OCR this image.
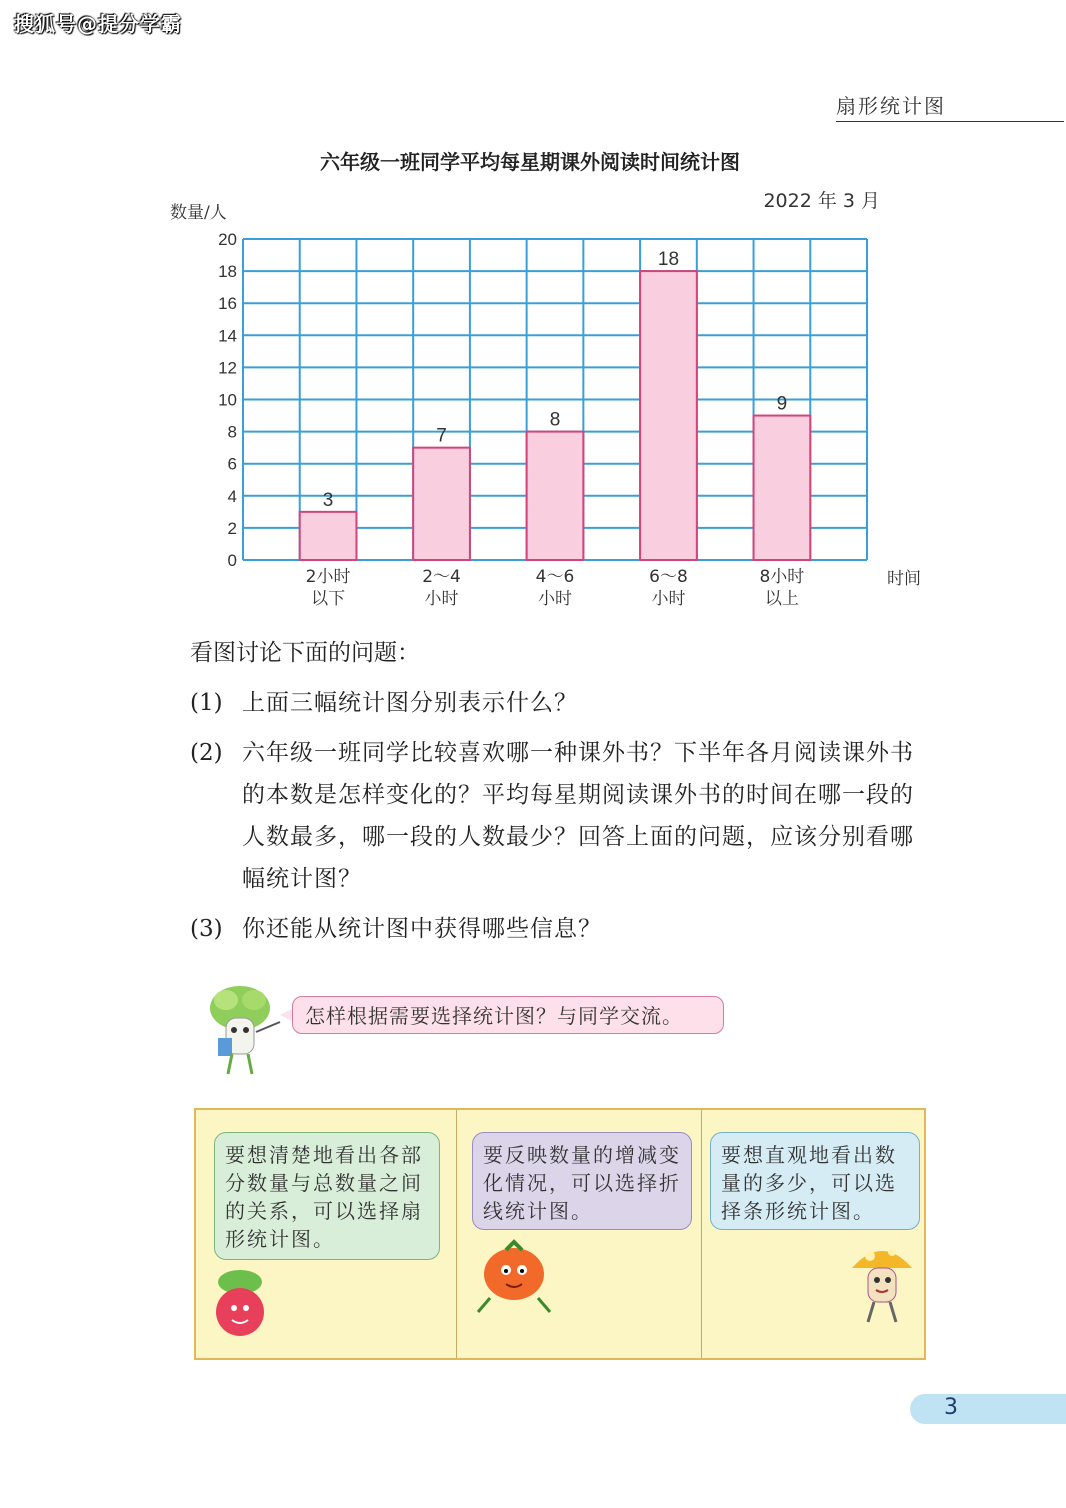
搜狐号@提分学霸
扇形统计图
六年级一班同学平均每星期课外阅读时间统计图
2022 年 3 月
0
2
4
6
8
10
12
14
16
18
20
数量/人
时间
3
2小时
以下
7
2～4
小时
8
4～6
小时
18
6～8
小时
9
8小时
以上
看图讨论下面的问题：
(1) 上面三幅统计图分别表示什么？
(2) 六年级一班同学比较喜欢哪一种课外书？下半年各月阅读课外书的本数是怎样变化的？平均每星期阅读课外书的时间在哪一段的人数最多，哪一段的人数最少？回答上面的问题，应该分别看哪幅统计图？
(3) 你还能从统计图中获得哪些信息？
怎样根据需要选择统计图？与同学交流。
要想清楚地看出各部分数量与总数量之间的关系，可以选择扇形统计图。
要反映数量的增减变化情况，可以选择折线统计图。
要想直观地看出数量的多少，可以选择条形统计图。
3
